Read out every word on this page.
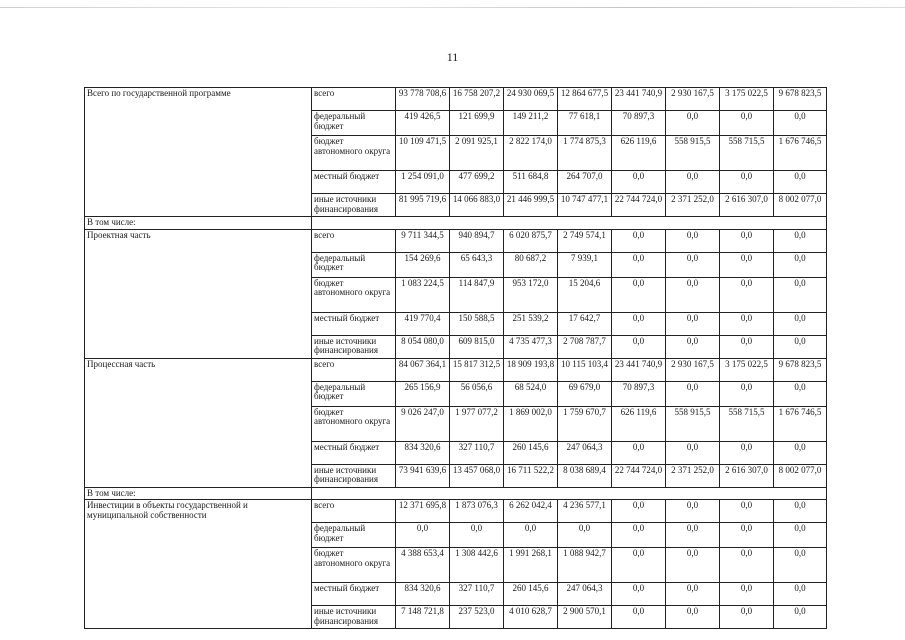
11
Всего по государственной программе	всего	93 778 708,6	16 758 207,2	24 930 069,5	12 864 677,5	23 441 740,9	2 930 167,5	3 175 022,5	9 678 823,5
	федеральный бюджет	419 426,5	121 699,9	149 211,2	77 618,1	70 897,3	0,0	0,0	0,0
	бюджет автономного округа	10 109 471,5	2 091 925,1	2 822 174,0	1 774 875,3	626 119,6	558 915,5	558 715,5	1 676 746,5
	местный бюджет	1 254 091,0	477 699,2	511 684,8	264 707,0	0,0	0,0	0,0	0,0
	иные источники финансирования	81 995 719,6	14 066 883,0	21 446 999,5	10 747 477,1	22 744 724,0	2 371 252,0	2 616 307,0	8 002 077,0
В том числе:									
Проектная часть	всего	9 711 344,5	940 894,7	6 020 875,7	2 749 574,1	0,0	0,0	0,0	0,0
	федеральный бюджет	154 269,6	65 643,3	80 687,2	7 939,1	0,0	0,0	0,0	0,0
	бюджет автономного округа	1 083 224,5	114 847,9	953 172,0	15 204,6	0,0	0,0	0,0	0,0
	местный бюджет	419 770,4	150 588,5	251 539,2	17 642,7	0,0	0,0	0,0	0,0
	иные источники финансирования	8 054 080,0	609 815,0	4 735 477,3	2 708 787,7	0,0	0,0	0,0	0,0
Процессная часть	всего	84 067 364,1	15 817 312,5	18 909 193,8	10 115 103,4	23 441 740,9	2 930 167,5	3 175 022,5	9 678 823,5
	федеральный бюджет	265 156,9	56 056,6	68 524,0	69 679,0	70 897,3	0,0	0,0	0,0
	бюджет автономного округа	9 026 247,0	1 977 077,2	1 869 002,0	1 759 670,7	626 119,6	558 915,5	558 715,5	1 676 746,5
	местный бюджет	834 320,6	327 110,7	260 145,6	247 064,3	0,0	0,0	0,0	0,0
	иные источники финансирования	73 941 639,6	13 457 068,0	16 711 522,2	8 038 689,4	22 744 724,0	2 371 252,0	2 616 307,0	8 002 077,0
В том числе:									
Инвестиции в объекты государственной и муниципальной собственности	всего	12 371 695,8	1 873 076,3	6 262 042,4	4 236 577,1	0,0	0,0	0,0	0,0
	федеральный бюджет	0,0	0,0	0,0	0,0	0,0	0,0	0,0	0,0
	бюджет автономного округа	4 388 653,4	1 308 442,6	1 991 268,1	1 088 942,7	0,0	0,0	0,0	0,0
	местный бюджет	834 320,6	327 110,7	260 145,6	247 064,3	0,0	0,0	0,0	0,0
	иные источники финансирования	7 148 721,8	237 523,0	4 010 628,7	2 900 570,1	0,0	0,0	0,0	0,0
